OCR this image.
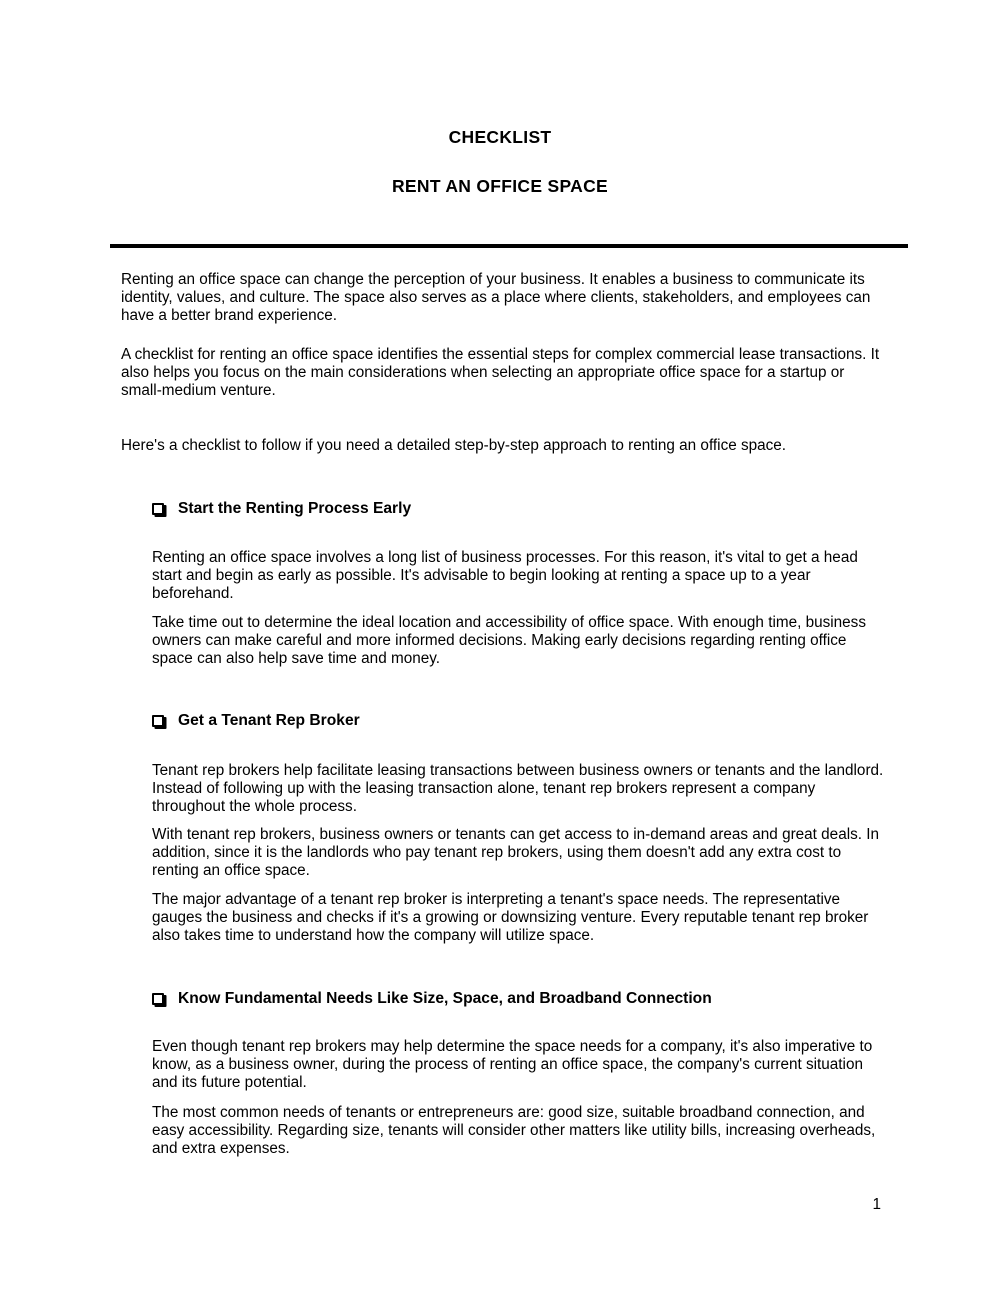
CHECKLIST
RENT AN OFFICE SPACE

Renting an office space can change the perception of your business. It enables a business to communicate its identity, values, and culture. The space also serves as a place where clients, stakeholders, and employees can have a better brand experience.

A checklist for renting an office space identifies the essential steps for complex commercial lease transactions. It also helps you focus on the main considerations when selecting an appropriate office space for a startup or small-medium venture.

Here's a checklist to follow if you need a detailed step-by-step approach to renting an office space.

Start the Renting Process Early

Renting an office space involves a long list of business processes. For this reason, it's vital to get a head start and begin as early as possible. It's advisable to begin looking at renting a space up to a year beforehand.

Take time out to determine the ideal location and accessibility of office space. With enough time, business owners can make careful and more informed decisions. Making early decisions regarding renting office space can also help save time and money.

Get a Tenant Rep Broker

Tenant rep brokers help facilitate leasing transactions between business owners or tenants and the landlord. Instead of following up with the leasing transaction alone, tenant rep brokers represent a company throughout the whole process.

With tenant rep brokers, business owners or tenants can get access to in-demand areas and great deals. In addition, since it is the landlords who pay tenant rep brokers, using them doesn't add any extra cost to renting an office space.

The major advantage of a tenant rep broker is interpreting a tenant's space needs. The representative gauges the business and checks if it's a growing or downsizing venture. Every reputable tenant rep broker also takes time to understand how the company will utilize space.

Know Fundamental Needs Like Size, Space, and Broadband Connection

Even though tenant rep brokers may help determine the space needs for a company, it's also imperative to know, as a business owner, during the process of renting an office space, the company's current situation and its future potential.

The most common needs of tenants or entrepreneurs are: good size, suitable broadband connection, and easy accessibility. Regarding size, tenants will consider other matters like utility bills, increasing overheads, and extra expenses.

1
